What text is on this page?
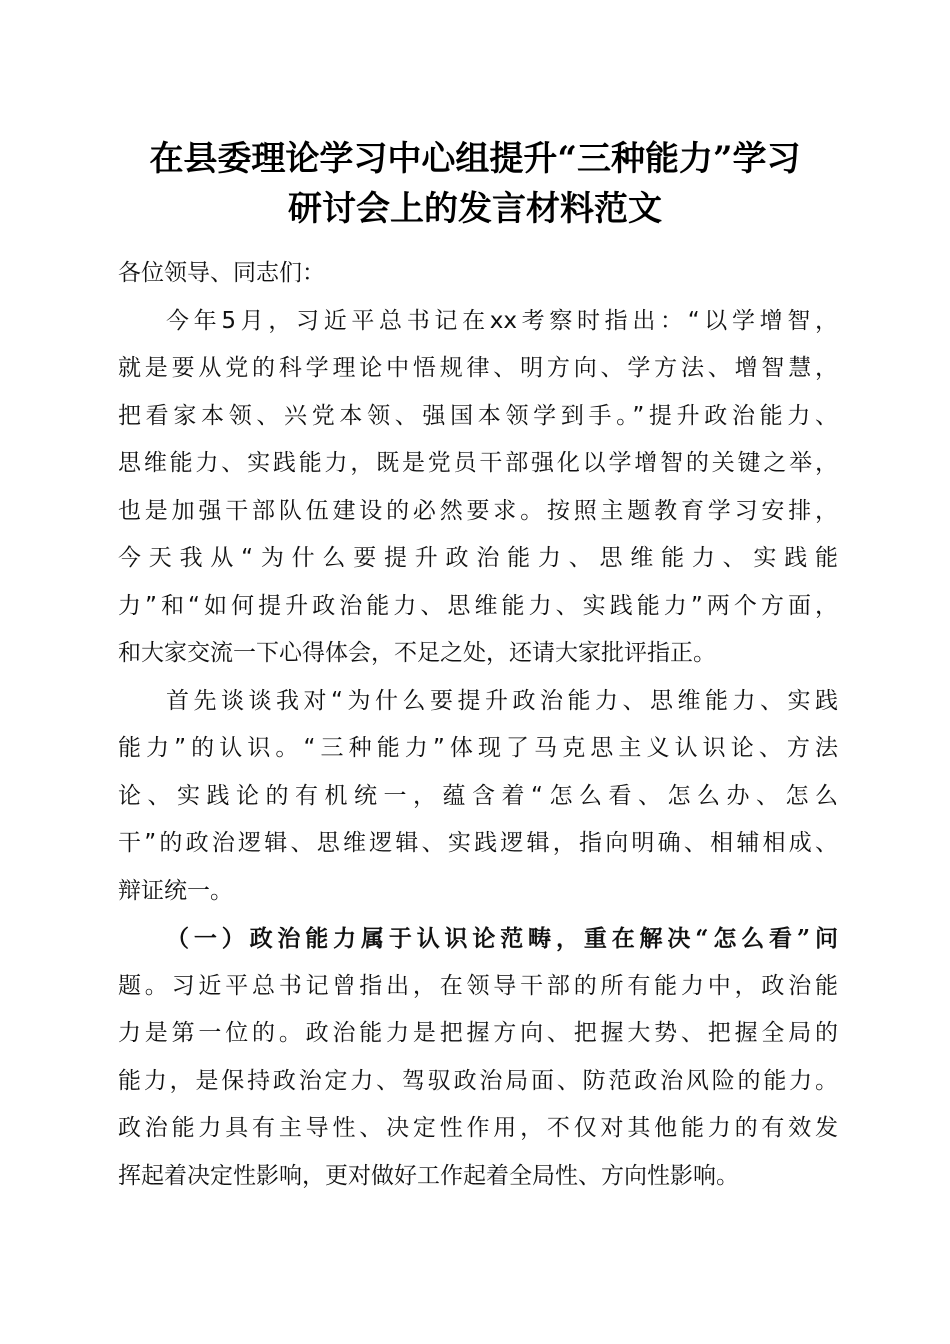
在县委理论学习中心组提升“三种能力”学习
研讨会上的发言材料范文
各位领导、同志们：
今年5月，习近平总书记在xx考察时指出：“以学增智，
就是要从党的科学理论中悟规律、明方向、学方法、增智慧，
把看家本领、兴党本领、强国本领学到手。”提升政治能力、
思维能力、实践能力，既是党员干部强化以学增智的关键之举，
也是加强干部队伍建设的必然要求。按照主题教育学习安排，
今天我从“为什么要提升政治能力、思维能力、实践能
力”和“如何提升政治能力、思维能力、实践能力”两个方面，
和大家交流一下心得体会，不足之处，还请大家批评指正。
首先谈谈我对“为什么要提升政治能力、思维能力、实践
能力”的认识。“三种能力”体现了马克思主义认识论、方法
论、实践论的有机统一，蕴含着“怎么看、怎么办、怎么
干”的政治逻辑、思维逻辑、实践逻辑，指向明确、相辅相成、
辩证统一。
（一）政治能力属于认识论范畴，重在解决“怎么看”问
题。习近平总书记曾指出，在领导干部的所有能力中，政治能
力是第一位的。政治能力是把握方向、把握大势、把握全局的
能力，是保持政治定力、驾驭政治局面、防范政治风险的能力。
政治能力具有主导性、决定性作用，不仅对其他能力的有效发
挥起着决定性影响，更对做好工作起着全局性、方向性影响。
